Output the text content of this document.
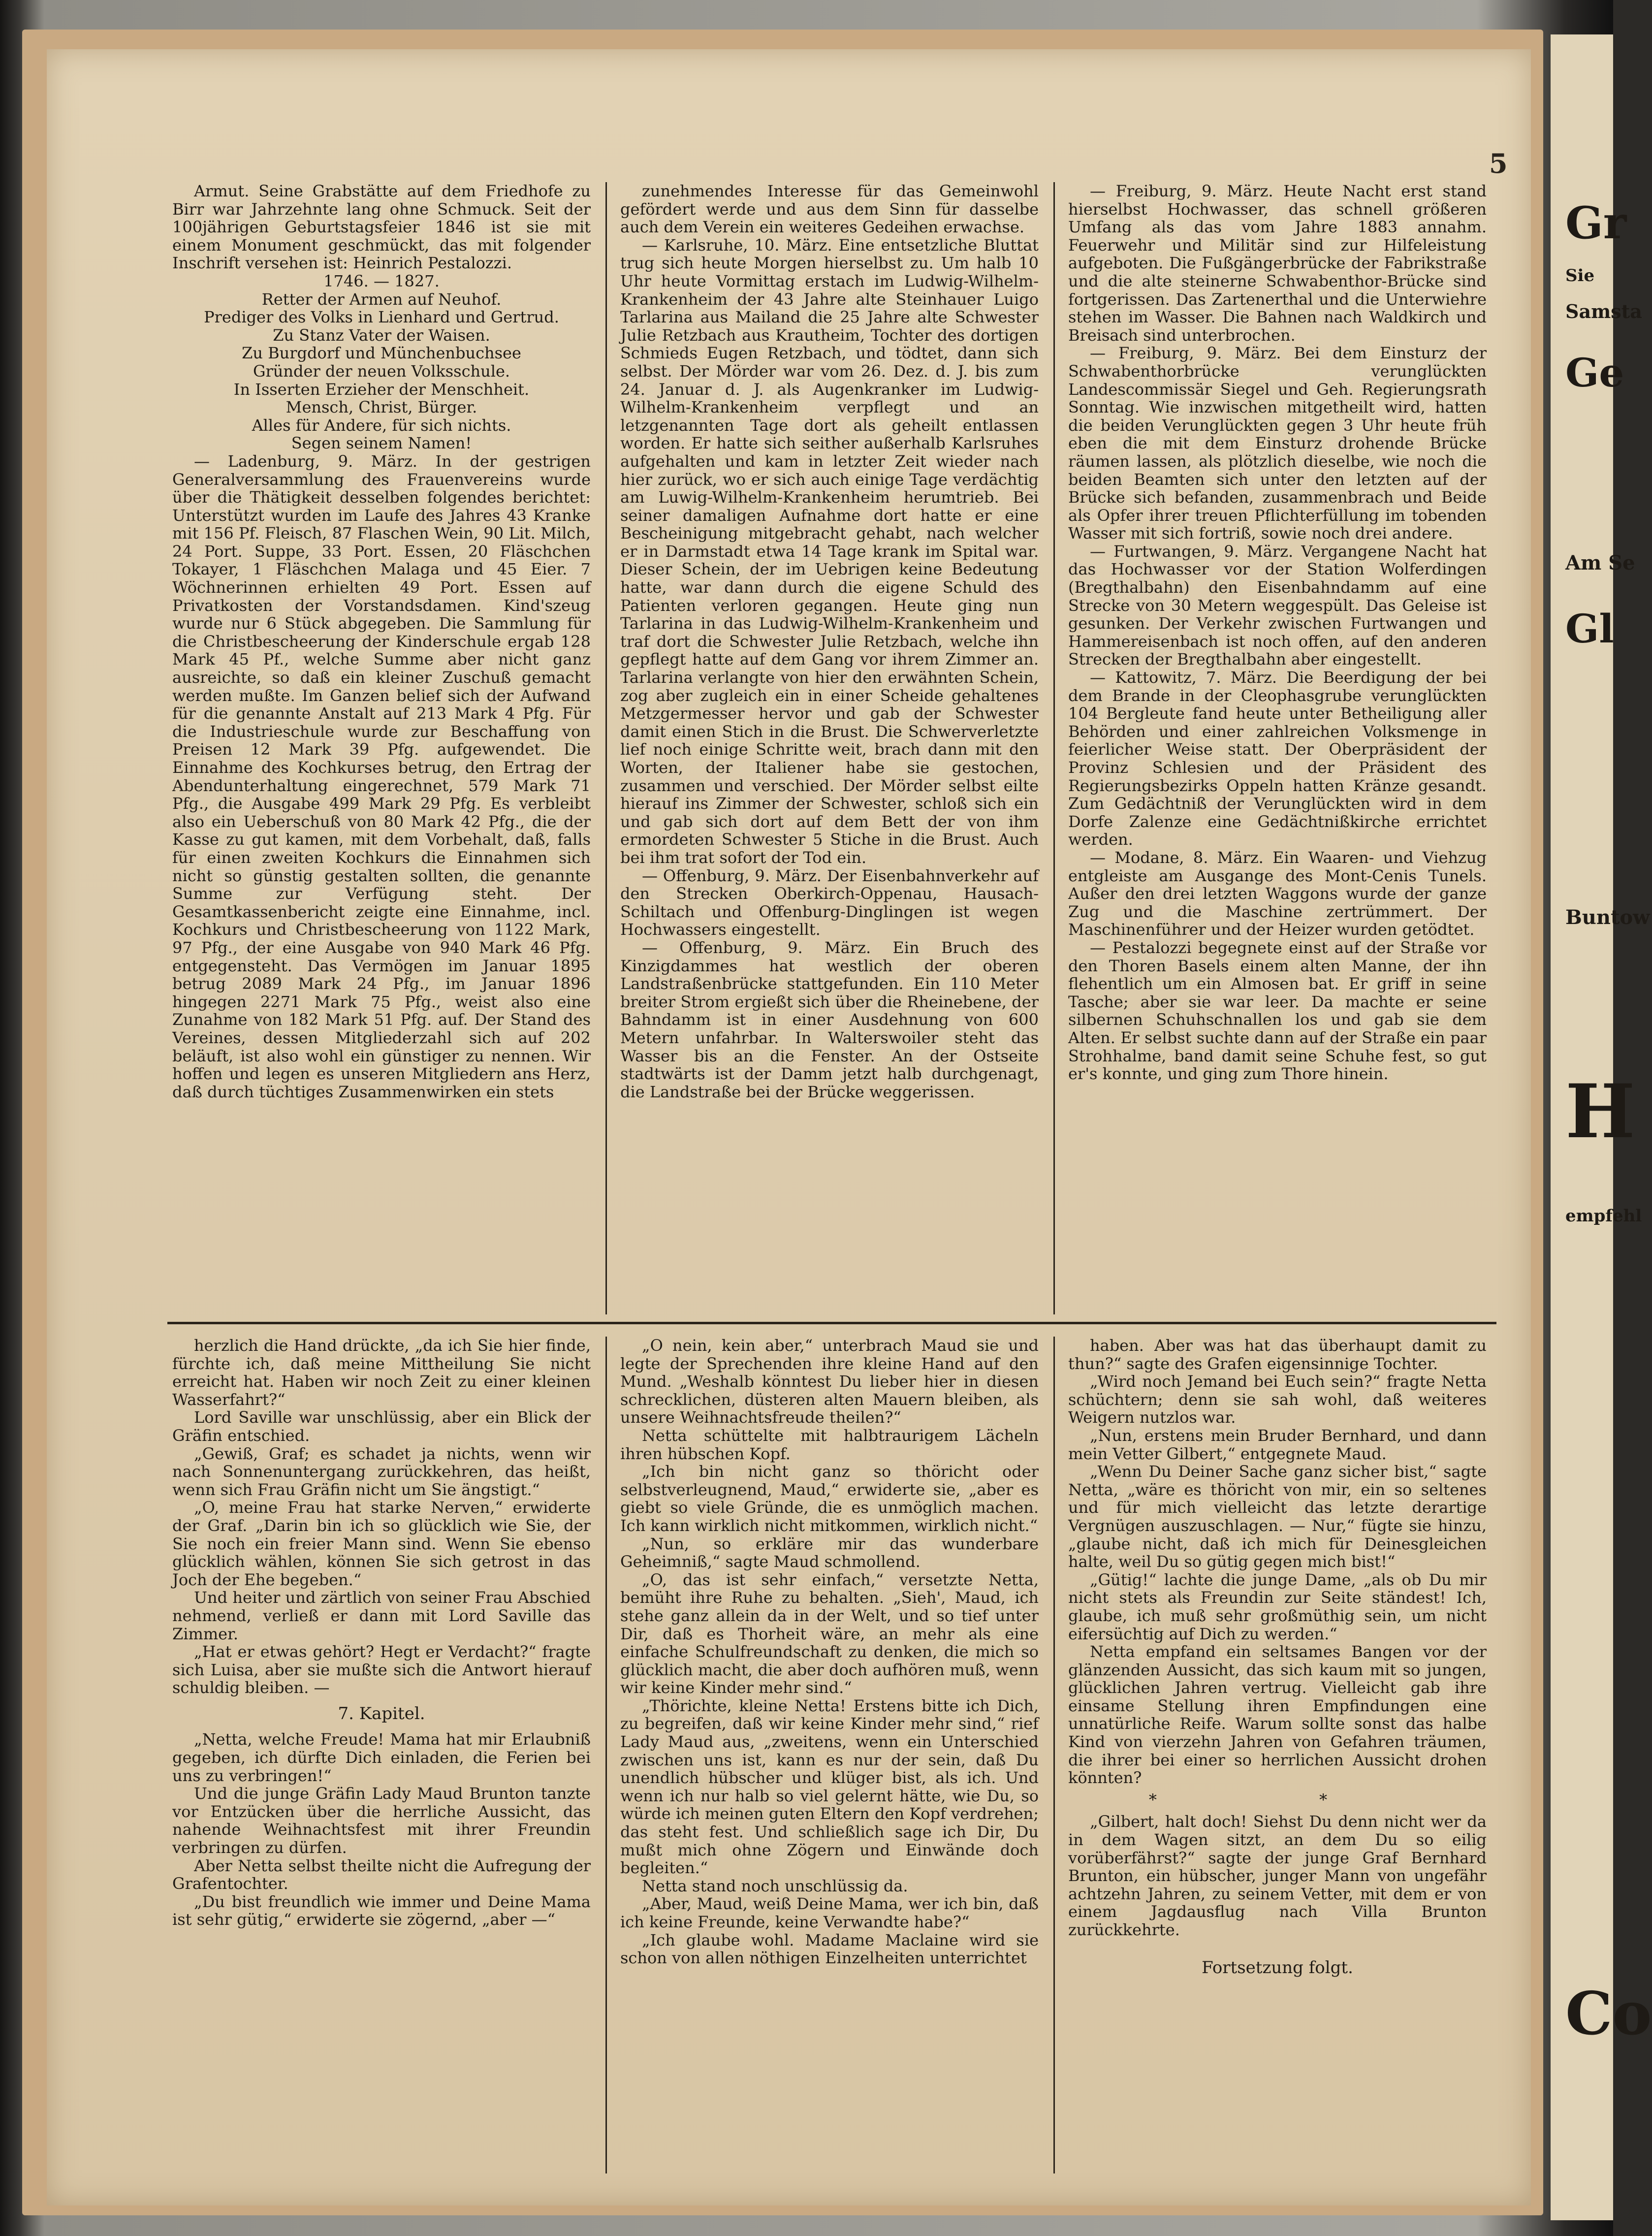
Gr
Sie
Samsta
Ge
Am Se
Gl
Buntow
H
empfehl
Co
5

Armut. Seine Grabstätte auf dem Friedhofe zu Birr war Jahrzehnte lang ohne Schmuck. Seit der 100jährigen Geburtstagsfeier 1846 ist sie mit einem Monument geschmückt, das mit folgender Inschrift versehen ist: Heinrich Pestalozzi.

1746. — 1827.

Retter der Armen auf Neuhof.

Prediger des Volks in Lienhard und Gertrud.

Zu Stanz Vater der Waisen.

Zu Burgdorf und Münchenbuchsee

Gründer der neuen Volksschule.

In Isserten Erzieher der Menschheit.

Mensch, Christ, Bürger.

Alles für Andere, für sich nichts.

Segen seinem Namen!

— Ladenburg, 9. März. In der gestrigen Generalversammlung des Frauenvereins wurde über die Thätigkeit desselben folgendes berichtet: Unterstützt wurden im Laufe des Jahres 43 Kranke mit 156 Pf. Fleisch, 87 Flaschen Wein, 90 Lit. Milch, 24 Port. Suppe, 33 Port. Essen, 20 Fläschchen Tokayer, 1 Fläschchen Malaga und 45 Eier. 7 Wöchnerinnen erhielten 49 Port. Essen auf Privatkosten der Vorstandsdamen. Kind'szeug wurde nur 6 Stück abgegeben. Die Sammlung für die Christbescheerung der Kinderschule ergab 128 Mark 45 Pf., welche Summe aber nicht ganz ausreichte, so daß ein kleiner Zuschuß gemacht werden mußte. Im Ganzen belief sich der Aufwand für die genannte Anstalt auf 213 Mark 4 Pfg. Für die Industrieschule wurde zur Beschaffung von Preisen 12 Mark 39 Pfg. aufgewendet. Die Einnahme des Kochkurses betrug, den Ertrag der Abendunterhaltung eingerechnet, 579 Mark 71 Pfg., die Ausgabe 499 Mark 29 Pfg. Es verbleibt also ein Ueberschuß von 80 Mark 42 Pfg., die der Kasse zu gut kamen, mit dem Vorbehalt, daß, falls für einen zweiten Kochkurs die Einnahmen sich nicht so günstig gestalten sollten, die genannte Summe zur Verfügung steht. Der Gesamtkassenbericht zeigte eine Einnahme, incl. Kochkurs und Christbescheerung von 1122 Mark, 97 Pfg., der eine Ausgabe von 940 Mark 46 Pfg. entgegensteht. Das Vermögen im Januar 1895 betrug 2089 Mark 24 Pfg., im Januar 1896 hingegen 2271 Mark 75 Pfg., weist also eine Zunahme von 182 Mark 51 Pfg. auf. Der Stand des Vereines, dessen Mitgliederzahl sich auf 202 beläuft, ist also wohl ein günstiger zu nennen. Wir hoffen und legen es unseren Mitgliedern ans Herz, daß durch tüchtiges Zusammenwirken ein stets

zunehmendes Interesse für das Gemeinwohl gefördert werde und aus dem Sinn für dasselbe auch dem Verein ein weiteres Gedeihen erwachse.

— Karlsruhe, 10. März. Eine entsetzliche Bluttat trug sich heute Morgen hierselbst zu. Um halb 10 Uhr heute Vormittag erstach im Ludwig-Wilhelm-Krankenheim der 43 Jahre alte Steinhauer Luigo Tarlarina aus Mailand die 25 Jahre alte Schwester Julie Retzbach aus Krautheim, Tochter des dortigen Schmieds Eugen Retzbach, und tödtet, dann sich selbst. Der Mörder war vom 26. Dez. d. J. bis zum 24. Januar d. J. als Augenkranker im Ludwig-Wilhelm-Krankenheim verpflegt und an letzgenannten Tage dort als geheilt entlassen worden. Er hatte sich seither außerhalb Karlsruhes aufgehalten und kam in letzter Zeit wieder nach hier zurück, wo er sich auch einige Tage verdächtig am Luwig-Wilhelm-Krankenheim herumtrieb. Bei seiner damaligen Aufnahme dort hatte er eine Bescheinigung mitgebracht gehabt, nach welcher er in Darmstadt etwa 14 Tage krank im Spital war. Dieser Schein, der im Uebrigen keine Bedeutung hatte, war dann durch die eigene Schuld des Patienten verloren gegangen. Heute ging nun Tarlarina in das Ludwig-Wilhelm-Krankenheim und traf dort die Schwester Julie Retzbach, welche ihn gepflegt hatte auf dem Gang vor ihrem Zimmer an. Tarlarina verlangte von hier den erwähnten Schein, zog aber zugleich ein in einer Scheide gehaltenes Metzgermesser hervor und gab der Schwester damit einen Stich in die Brust. Die Schwerverletzte lief noch einige Schritte weit, brach dann mit den Worten, der Italiener habe sie gestochen, zusammen und verschied. Der Mörder selbst eilte hierauf ins Zimmer der Schwester, schloß sich ein und gab sich dort auf dem Bett der von ihm ermordeten Schwester 5 Stiche in die Brust. Auch bei ihm trat sofort der Tod ein.

— Offenburg, 9. März. Der Eisenbahnverkehr auf den Strecken Oberkirch-Oppenau, Hausach-Schiltach und Offenburg-Dinglingen ist wegen Hochwassers eingestellt.

— Offenburg, 9. März. Ein Bruch des Kinzigdammes hat westlich der oberen Landstraßenbrücke stattgefunden. Ein 110 Meter breiter Strom ergießt sich über die Rheinebene, der Bahndamm ist in einer Ausdehnung von 600 Metern unfahrbar. In Walterswoiler steht das Wasser bis an die Fenster. An der Ostseite stadtwärts ist der Damm jetzt halb durchgenagt, die Landstraße bei der Brücke weggerissen.

— Freiburg, 9. März. Heute Nacht erst stand hierselbst Hochwasser, das schnell größeren Umfang als das vom Jahre 1883 annahm. Feuerwehr und Militär sind zur Hilfeleistung aufgeboten. Die Fußgängerbrücke der Fabrikstraße und die alte steinerne Schwabenthor-Brücke sind fortgerissen. Das Zartenerthal und die Unterwiehre stehen im Wasser. Die Bahnen nach Waldkirch und Breisach sind unterbrochen.

— Freiburg, 9. März. Bei dem Einsturz der Schwabenthorbrücke verunglückten Landescommissär Siegel und Geh. Regierungsrath Sonntag. Wie inzwischen mitgetheilt wird, hatten die beiden Verunglückten gegen 3 Uhr heute früh eben die mit dem Einsturz drohende Brücke räumen lassen, als plötzlich dieselbe, wie noch die beiden Beamten sich unter den letzten auf der Brücke sich befanden, zusammenbrach und Beide als Opfer ihrer treuen Pflichterfüllung im tobenden Wasser mit sich fortriß, sowie noch drei andere.

— Furtwangen, 9. März. Vergangene Nacht hat das Hochwasser vor der Station Wolferdingen (Bregthalbahn) den Eisenbahndamm auf eine Strecke von 30 Metern weggespült. Das Geleise ist gesunken. Der Verkehr zwischen Furtwangen und Hammereisenbach ist noch offen, auf den anderen Strecken der Bregthalbahn aber eingestellt.

— Kattowitz, 7. März. Die Beerdigung der bei dem Brande in der Cleophasgrube verunglückten 104 Bergleute fand heute unter Betheiligung aller Behörden und einer zahlreichen Volksmenge in feierlicher Weise statt. Der Oberpräsident der Provinz Schlesien und der Präsident des Regierungsbezirks Oppeln hatten Kränze gesandt. Zum Gedächtniß der Verunglückten wird in dem Dorfe Zalenze eine Gedächtnißkirche errichtet werden.

— Modane, 8. März. Ein Waaren- und Viehzug entgleiste am Ausgange des Mont-Cenis Tunels. Außer den drei letzten Waggons wurde der ganze Zug und die Maschine zertrümmert. Der Maschinenführer und der Heizer wurden getödtet.

— Pestalozzi begegnete einst auf der Straße vor den Thoren Basels einem alten Manne, der ihn flehentlich um ein Almosen bat. Er griff in seine Tasche; aber sie war leer. Da machte er seine silbernen Schuhschnallen los und gab sie dem Alten. Er selbst suchte dann auf der Straße ein paar Strohhalme, band damit seine Schuhe fest, so gut er's konnte, und ging zum Thore hinein.

herzlich die Hand drückte, „da ich Sie hier finde, fürchte ich, daß meine Mittheilung Sie nicht erreicht hat. Haben wir noch Zeit zu einer kleinen Wasserfahrt?“

Lord Saville war unschlüssig, aber ein Blick der Gräfin entschied.

„Gewiß, Graf; es schadet ja nichts, wenn wir nach Sonnenuntergang zurückkehren, das heißt, wenn sich Frau Gräfin nicht um Sie ängstigt.“

„O, meine Frau hat starke Nerven,“ erwiderte der Graf. „Darin bin ich so glücklich wie Sie, der Sie noch ein freier Mann sind. Wenn Sie ebenso glücklich wählen, können Sie sich getrost in das Joch der Ehe begeben.“

Und heiter und zärtlich von seiner Frau Abschied nehmend, verließ er dann mit Lord Saville das Zimmer.

„Hat er etwas gehört? Hegt er Verdacht?“ fragte sich Luisa, aber sie mußte sich die Antwort hierauf schuldig bleiben. —

7. Kapitel.

„Netta, welche Freude! Mama hat mir Erlaubniß gegeben, ich dürfte Dich einladen, die Ferien bei uns zu verbringen!“

Und die junge Gräfin Lady Maud Brunton tanzte vor Entzücken über die herrliche Aussicht, das nahende Weihnachtsfest mit ihrer Freundin verbringen zu dürfen.

Aber Netta selbst theilte nicht die Aufregung der Grafentochter.

„Du bist freundlich wie immer und Deine Mama ist sehr gütig,“ erwiderte sie zögernd, „aber —“

„O nein, kein aber,“ unterbrach Maud sie und legte der Sprechenden ihre kleine Hand auf den Mund. „Weshalb könntest Du lieber hier in diesen schrecklichen, düsteren alten Mauern bleiben, als unsere Weihnachtsfreude theilen?“

Netta schüttelte mit halbtraurigem Lächeln ihren hübschen Kopf.

„Ich bin nicht ganz so thöricht oder selbstverleugnend, Maud,“ erwiderte sie, „aber es giebt so viele Gründe, die es unmöglich machen. Ich kann wirklich nicht mitkommen, wirklich nicht.“

„Nun, so erkläre mir das wunderbare Geheimniß,“ sagte Maud schmollend.

„O, das ist sehr einfach,“ versetzte Netta, bemüht ihre Ruhe zu behalten. „Sieh', Maud, ich stehe ganz allein da in der Welt, und so tief unter Dir, daß es Thorheit wäre, an mehr als eine einfache Schulfreundschaft zu denken, die mich so glücklich macht, die aber doch aufhören muß, wenn wir keine Kinder mehr sind.“

„Thörichte, kleine Netta! Erstens bitte ich Dich, zu begreifen, daß wir keine Kinder mehr sind,“ rief Lady Maud aus, „zweitens, wenn ein Unterschied zwischen uns ist, kann es nur der sein, daß Du unendlich hübscher und klüger bist, als ich. Und wenn ich nur halb so viel gelernt hätte, wie Du, so würde ich meinen guten Eltern den Kopf verdrehen; das steht fest. Und schließlich sage ich Dir, Du mußt mich ohne Zögern und Einwände doch begleiten.“

Netta stand noch unschlüssig da.

„Aber, Maud, weiß Deine Mama, wer ich bin, daß ich keine Freunde, keine Verwandte habe?“

„Ich glaube wohl. Madame Maclaine wird sie schon von allen nöthigen Einzelheiten unterrichtet

haben. Aber was hat das überhaupt damit zu thun?“ sagte des Grafen eigensinnige Tochter.

„Wird noch Jemand bei Euch sein?“ fragte Netta schüchtern; denn sie sah wohl, daß weiteres Weigern nutzlos war.

„Nun, erstens mein Bruder Bernhard, und dann mein Vetter Gilbert,“ entgegnete Maud.

„Wenn Du Deiner Sache ganz sicher bist,“ sagte Netta, „wäre es thöricht von mir, ein so seltenes und für mich vielleicht das letzte derartige Vergnügen auszuschlagen. — Nur,“ fügte sie hinzu, „glaube nicht, daß ich mich für Deinesgleichen halte, weil Du so gütig gegen mich bist!“

„Gütig!“ lachte die junge Dame, „als ob Du mir nicht stets als Freundin zur Seite ständest! Ich, glaube, ich muß sehr großmüthig sein, um nicht eifersüchtig auf Dich zu werden.“

Netta empfand ein seltsames Bangen vor der glänzenden Aussicht, das sich kaum mit so jungen, glücklichen Jahren vertrug. Vielleicht gab ihre einsame Stellung ihren Empfindungen eine unnatürliche Reife. Warum sollte sonst das halbe Kind von vierzehn Jahren von Gefahren träumen, die ihrer bei einer so herrlichen Aussicht drohen könnten?

* *

„Gilbert, halt doch! Siehst Du denn nicht wer da in dem Wagen sitzt, an dem Du so eilig vorüberfährst?“ sagte der junge Graf Bernhard Brunton, ein hübscher, junger Mann von ungefähr achtzehn Jahren, zu seinem Vetter, mit dem er von einem Jagdausflug nach Villa Brunton zurückkehrte.

Fortsetzung folgt.
